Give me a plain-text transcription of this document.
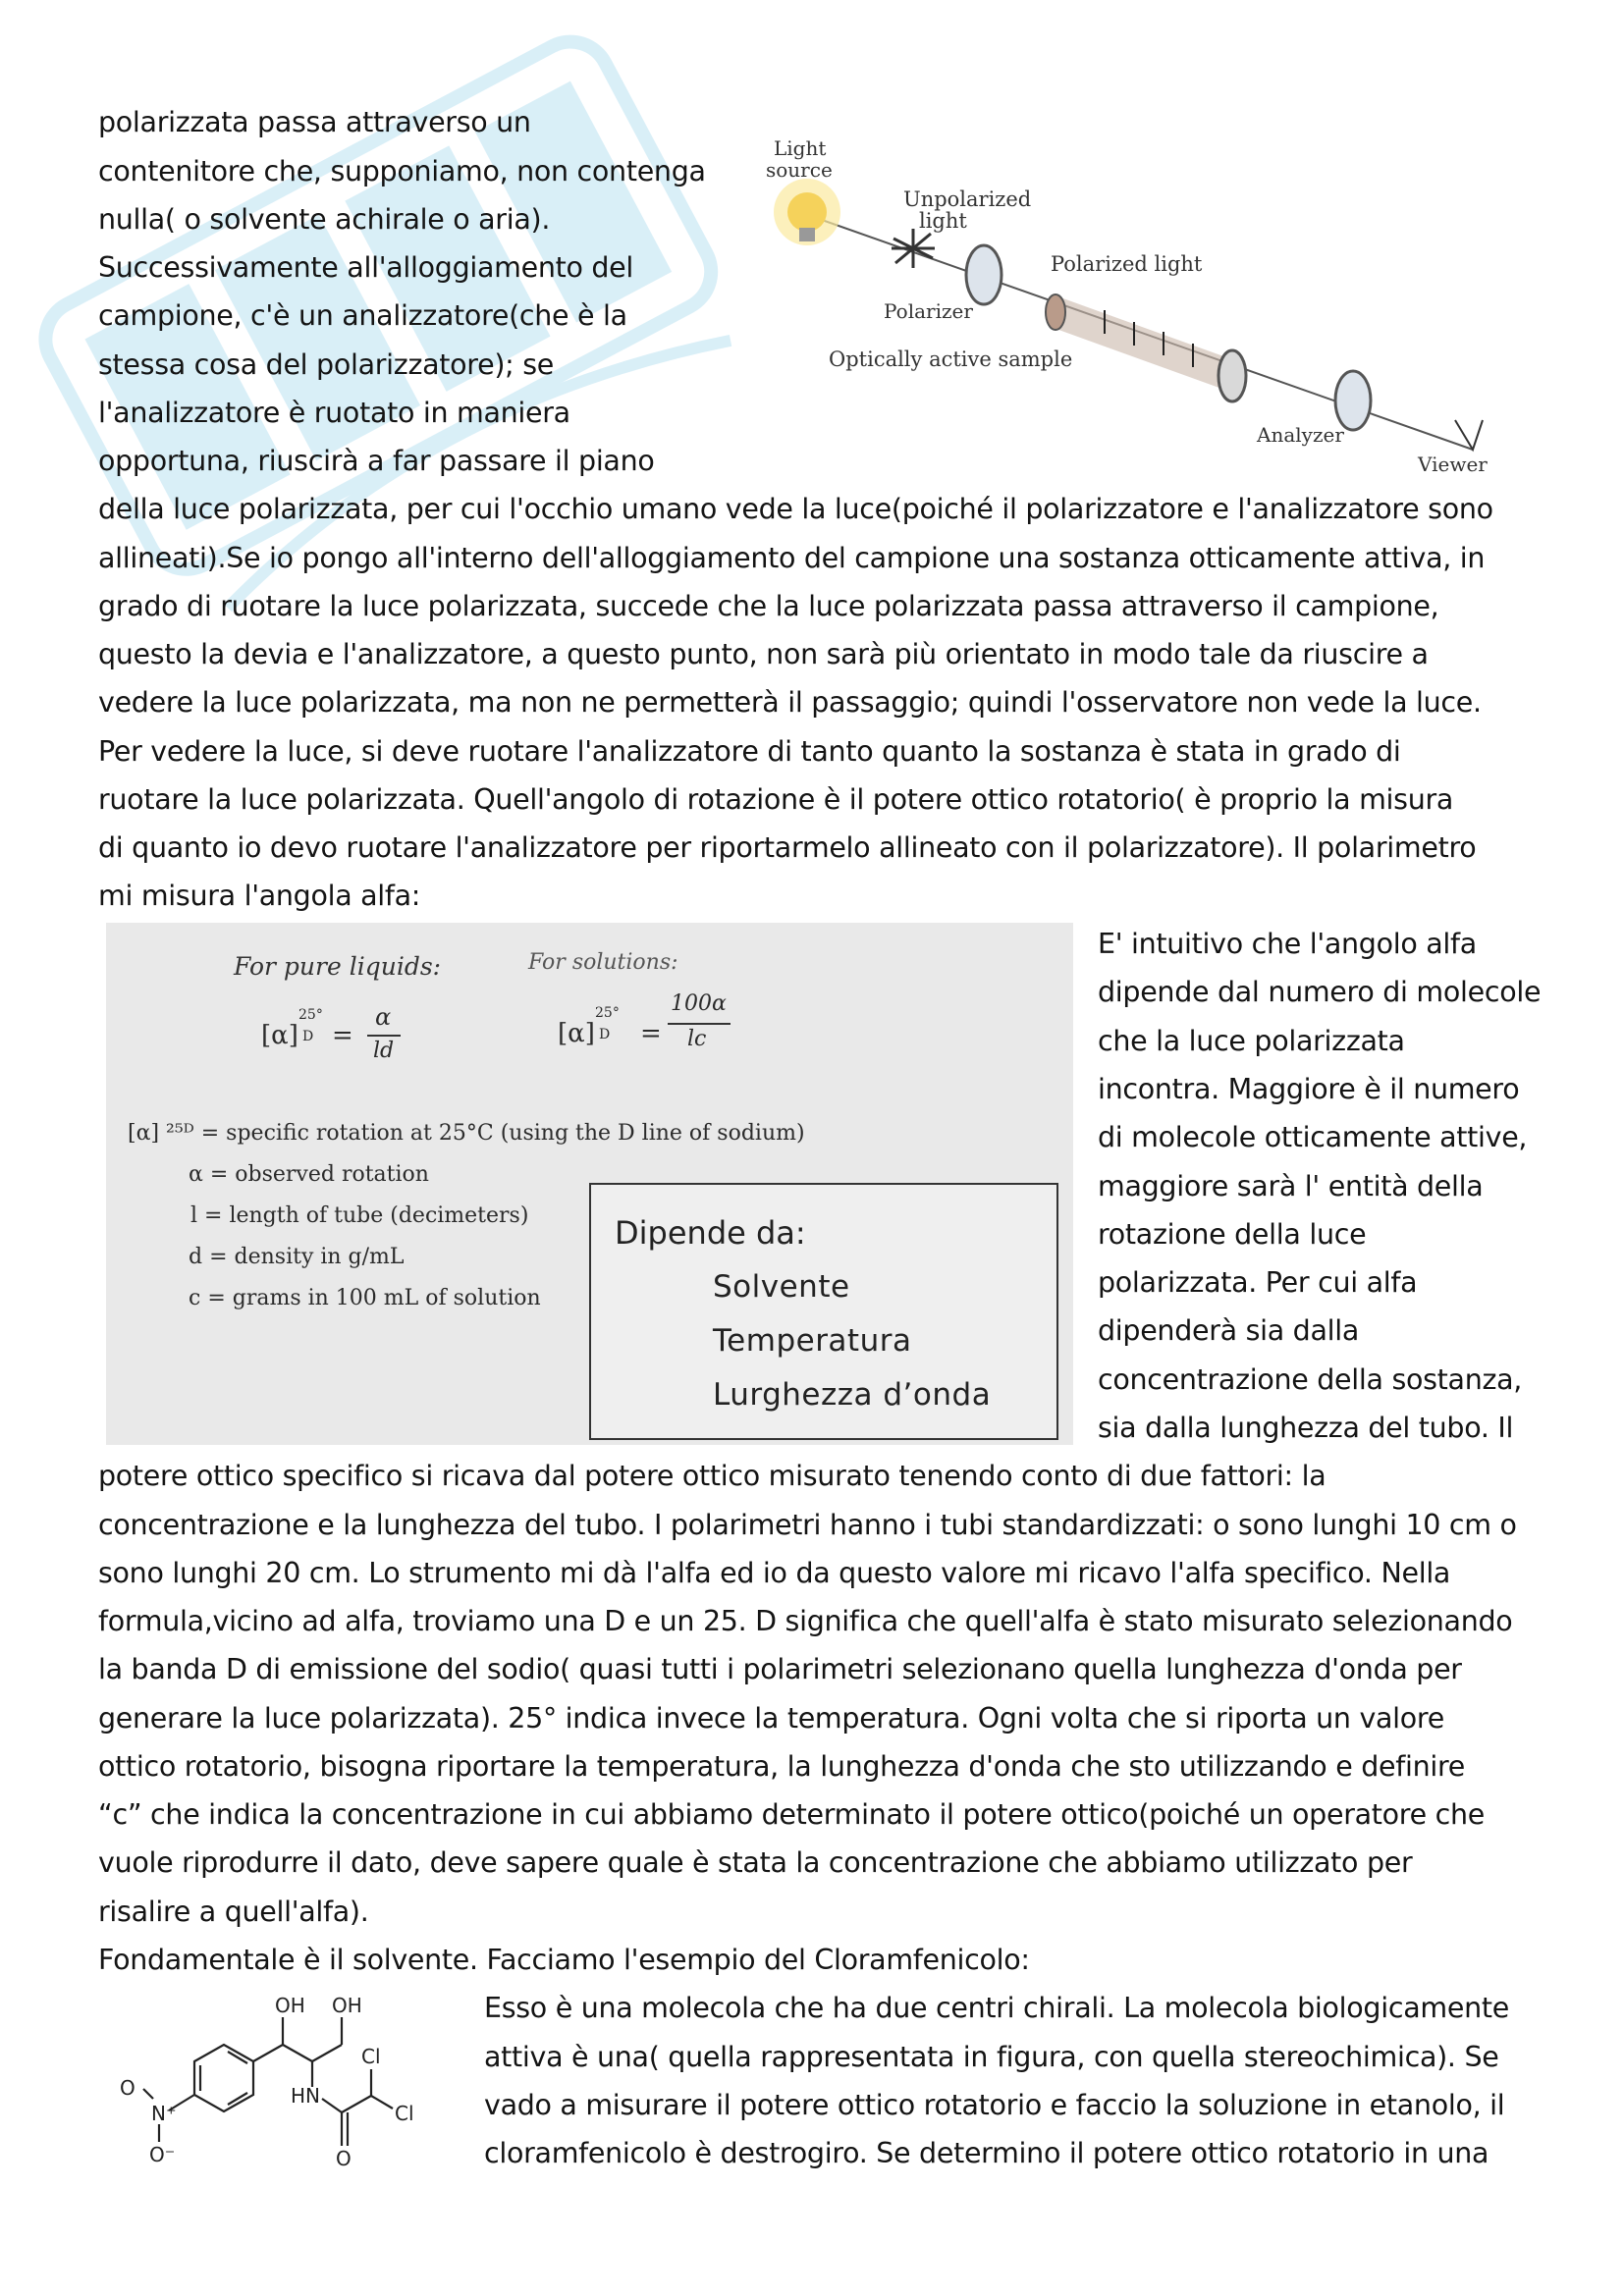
polarizzata passa attraverso un
contenitore che, supponiamo, non contenga
nulla( o solvente achirale o aria).
Successivamente all'alloggiamento del
campione, c'è un analizzatore(che è la
stessa cosa del polarizzatore); se
l'analizzatore è ruotato in maniera
opportuna, riuscirà a far passare il piano
Light
source
Unpolarized
light
Polarized light
Polarizer
Optically active sample
Analyzer
Viewer
della luce polarizzata, per cui l'occhio umano vede la luce(poiché il polarizzatore e l'analizzatore sono
allineati).Se io pongo all'interno dell'alloggiamento del campione una sostanza otticamente attiva, in
grado di ruotare la luce polarizzata, succede che la luce polarizzata passa attraverso il campione,
questo la devia e l'analizzatore, a questo punto, non sarà più orientato in modo tale da riuscire a
vedere la luce polarizzata, ma non ne permetterà il passaggio; quindi l'osservatore non vede la luce.
Per vedere la luce, si deve ruotare l'analizzatore di tanto quanto la sostanza è stata in grado di
ruotare la luce polarizzata. Quell'angolo di rotazione è il potere ottico rotatorio( è proprio la misura
di quanto io devo ruotare l'analizzatore per riportarmelo allineato con il polarizzatore). Il polarimetro
mi misura l'angola alfa:
For pure liquids:	For solutions:
[α]
25°
D =
α
ld
[α]
25°
D =
100α
lc
[α] ²⁵ᴰ = specific rotation at 25°C (using the D line of sodium)
α = observed rotation
l = length of tube (decimeters)
d = density in g/mL
c = grams in 100 mL of solution
Dipende da:
Solvente
Temperatura
Lurghezza d’onda
E' intuitivo che l'angolo alfa
dipende dal numero di molecole
che la luce polarizzata
incontra. Maggiore è il numero
di molecole otticamente attive,
maggiore sarà l' entità della
rotazione della luce
polarizzata. Per cui alfa
dipenderà sia dalla
concentrazione della sostanza,
sia dalla lunghezza del tubo. Il
potere ottico specifico si ricava dal potere ottico misurato tenendo conto di due fattori: la
concentrazione e la lunghezza del tubo. I polarimetri hanno i tubi standardizzati: o sono lunghi 10 cm o
sono lunghi 20 cm. Lo strumento mi dà l'alfa ed io da questo valore mi ricavo l'alfa specifico. Nella
formula,vicino ad alfa, troviamo una D e un 25. D significa che quell'alfa è stato misurato selezionando
la banda D di emissione del sodio( quasi tutti i polarimetri selezionano quella lunghezza d'onda per
generare la luce polarizzata). 25° indica invece la temperatura. Ogni volta che si riporta un valore
ottico rotatorio, bisogna riportare la temperatura, la lunghezza d'onda che sto utilizzando e definire
“c” che indica la concentrazione in cui abbiamo determinato il potere ottico(poiché un operatore che
vuole riprodurre il dato, deve sapere quale è stata la concentrazione che abbiamo utilizzato per
risalire a quell'alfa).
Fondamentale è il solvente. Facciamo l'esempio del Cloramfenicolo:
OH OH
Cl
Cl
HN
O
O
N⁺
O⁻
Esso è una molecola che ha due centri chirali. La molecola biologicamente
attiva è una( quella rappresentata in figura, con quella stereochimica). Se
vado a misurare il potere ottico rotatorio e faccio la soluzione in etanolo, il
cloramfenicolo è destrogiro. Se determino il potere ottico rotatorio in una
